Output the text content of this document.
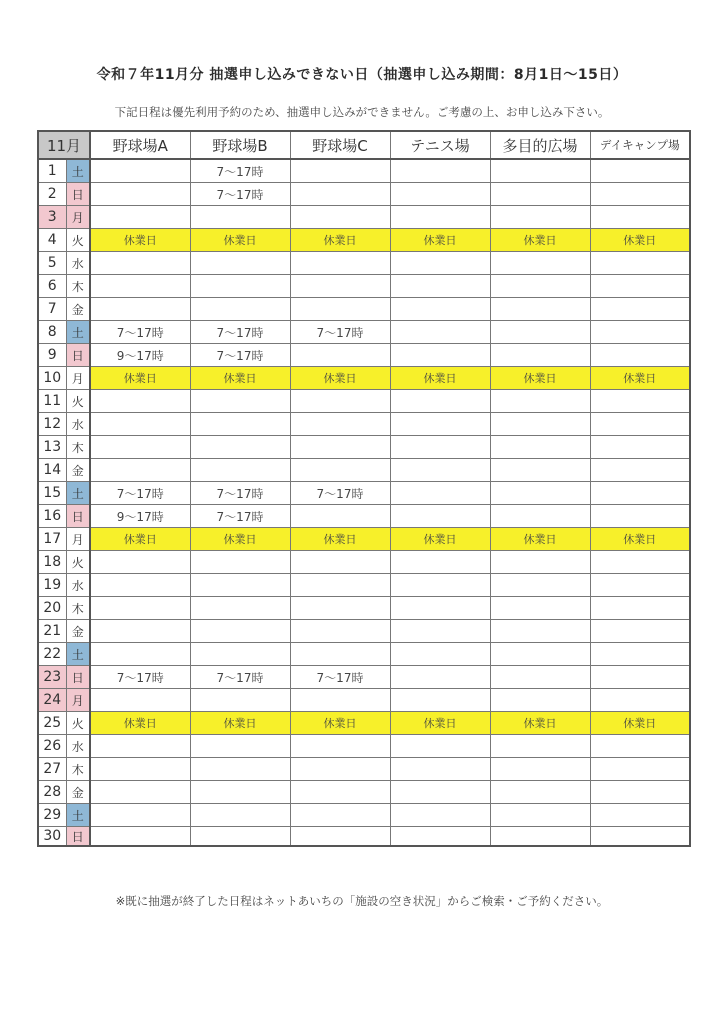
令和７年11月分 抽選申し込みできない日（抽選申し込み期間：8月1日〜15日）
下記日程は優先利用予約のため、抽選申し込みができません。ご考慮の上、お申し込み下さい。
11月		野球場A	野球場B	野球場C	テニス場	多目的広場	デイキャンプ場
1	土		7～17時				
2	日		7～17時				
3	月						
4	火	休業日	休業日	休業日	休業日	休業日	休業日
5	水						
6	木						
7	金						
8	土	7～17時	7～17時	7～17時			
9	日	9～17時	7～17時				
10	月	休業日	休業日	休業日	休業日	休業日	休業日
11	火						
12	水						
13	木						
14	金						
15	土	7～17時	7～17時	7～17時			
16	日	9～17時	7～17時				
17	月	休業日	休業日	休業日	休業日	休業日	休業日
18	火						
19	水						
20	木						
21	金						
22	土						
23	日	7～17時	7～17時	7～17時			
24	月						
25	火	休業日	休業日	休業日	休業日	休業日	休業日
26	水						
27	木						
28	金						
29	土						
30	日						
※既に抽選が終了した日程はネットあいちの「施設の空き状況」からご検索・ご予約ください。
